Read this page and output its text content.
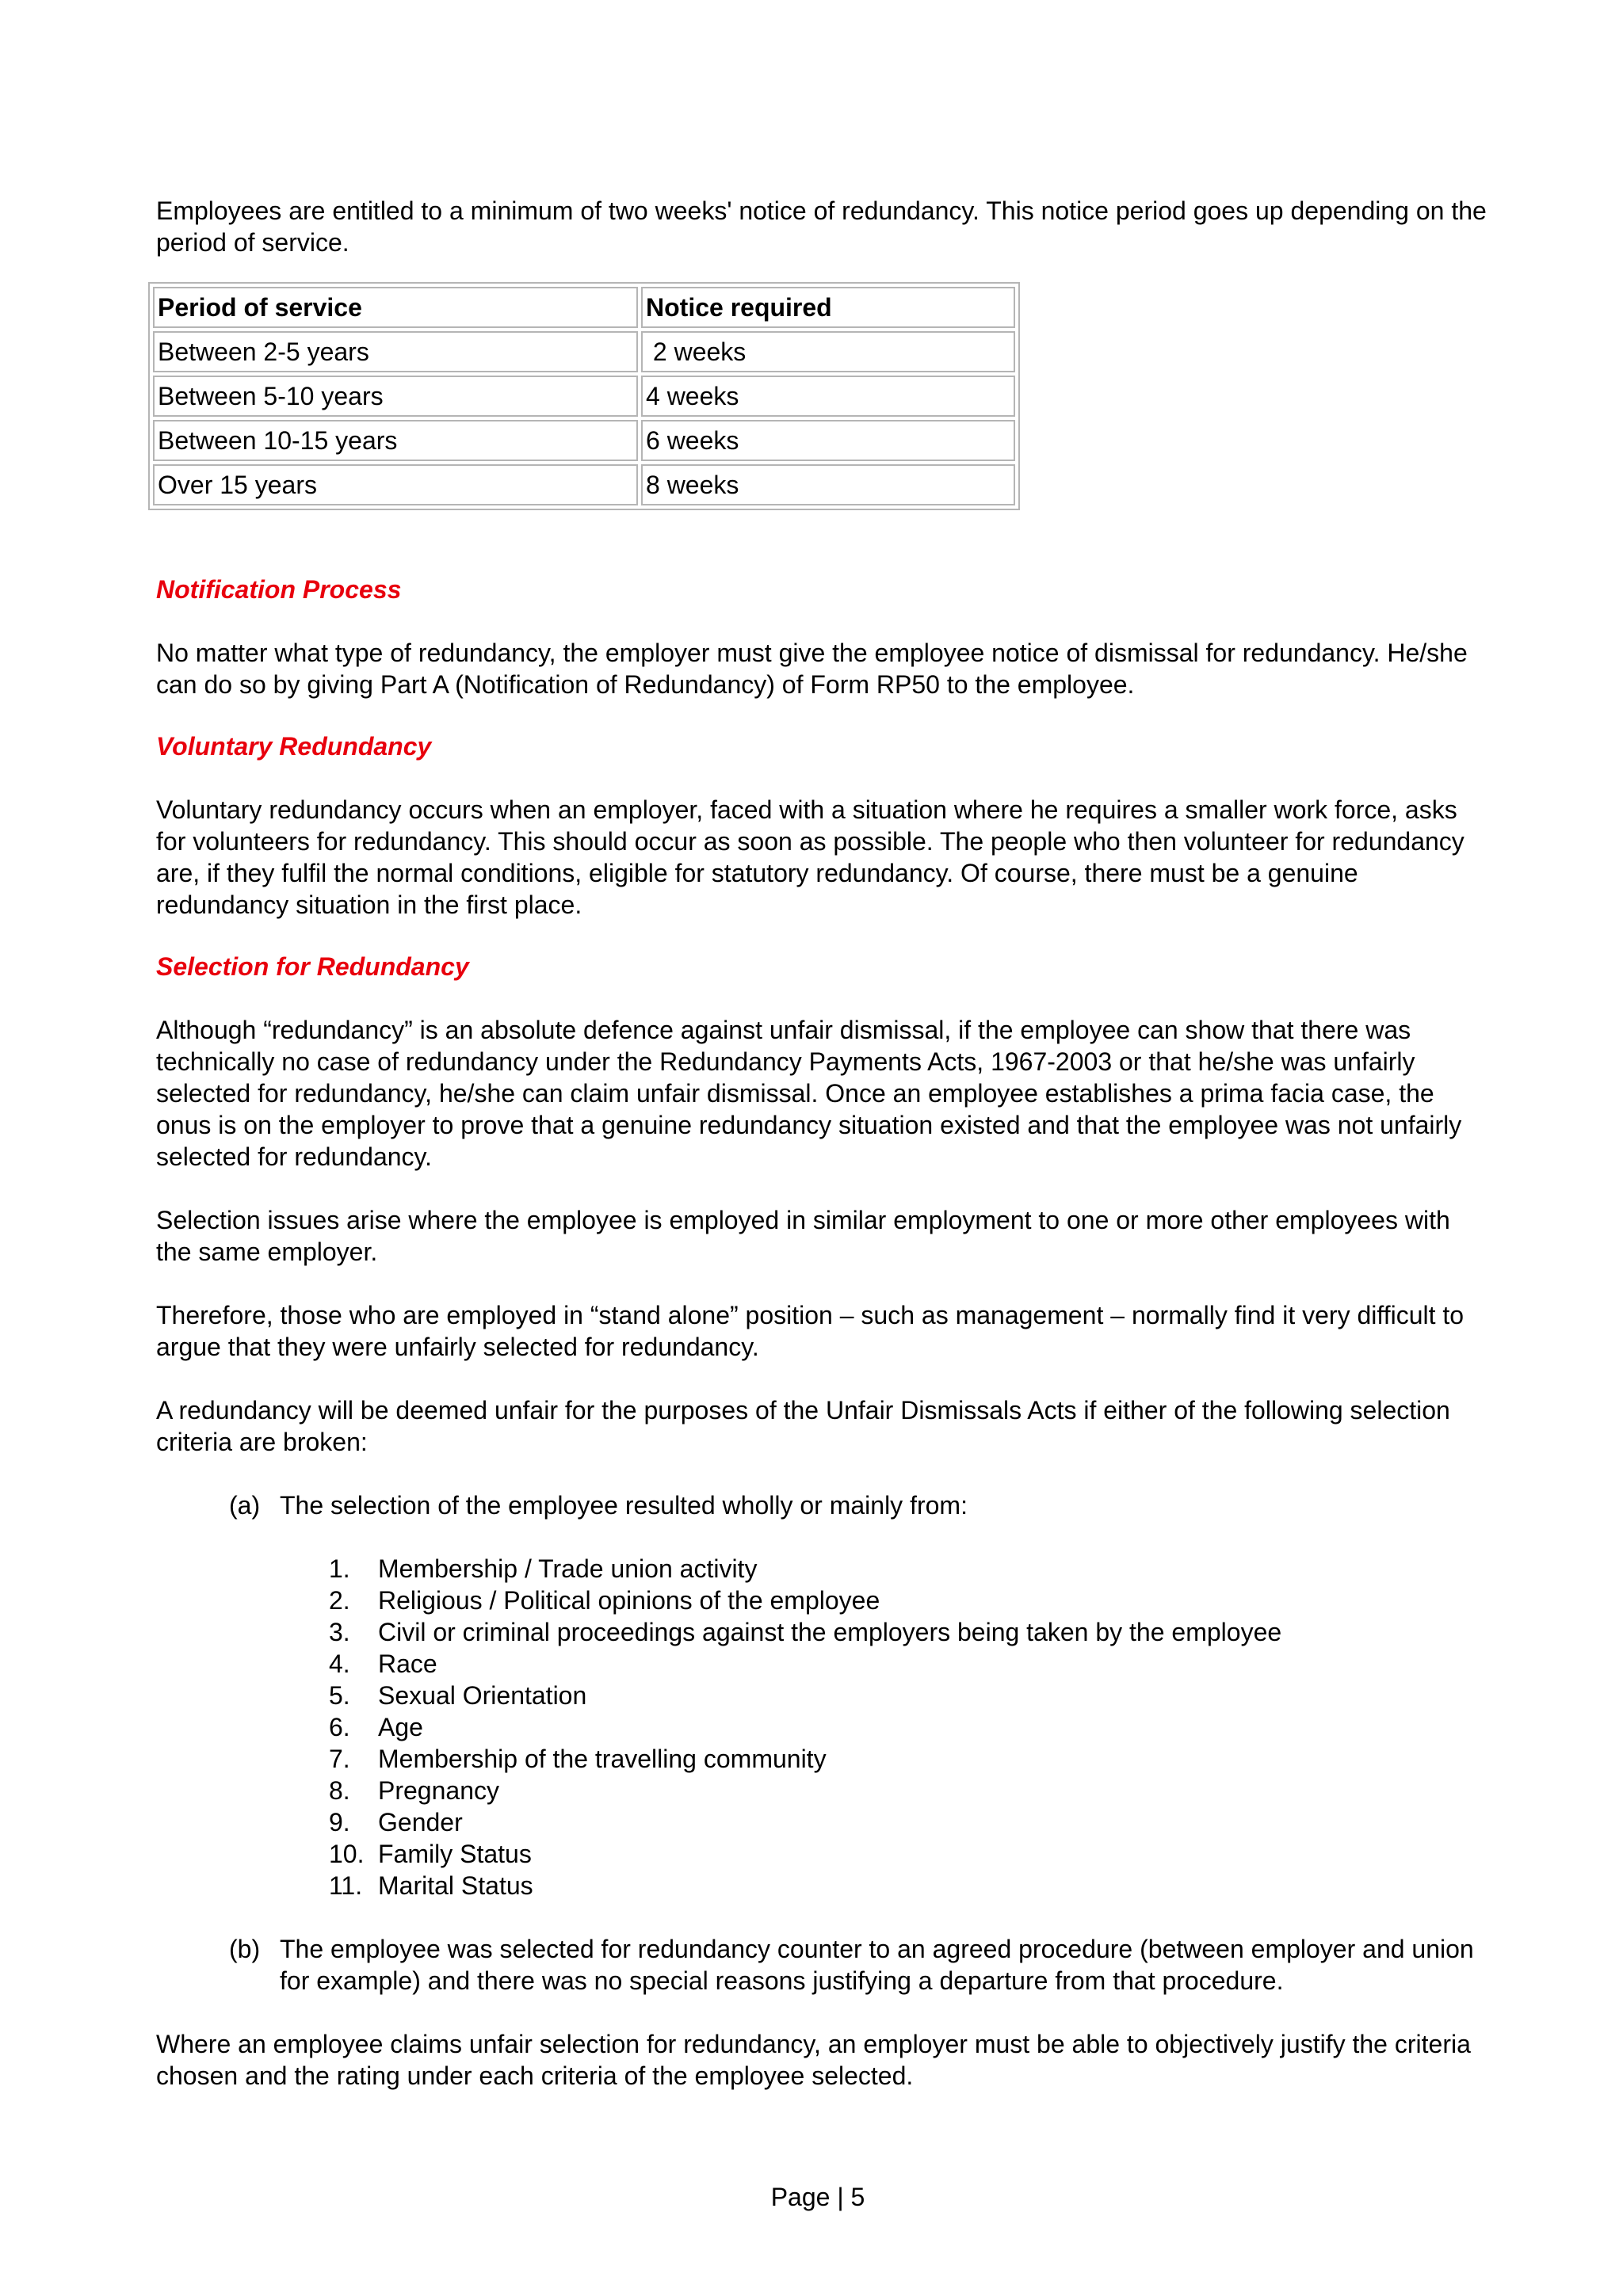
Employees are entitled to a minimum of two weeks' notice of redundancy. This notice period goes up depending on the period of service.

Period of service	Notice required
Between 2-5 years	2 weeks
Between 5-10 years	4 weeks
Between 10-15 years	6 weeks
Over 15 years	8 weeks

Notification Process

No matter what type of redundancy, the employer must give the employee notice of dismissal for redundancy. He/she can do so by giving Part A (Notification of Redundancy) of Form RP50 to the employee.

Voluntary Redundancy

Voluntary redundancy occurs when an employer, faced with a situation where he requires a smaller work force, asks for volunteers for redundancy. This should occur as soon as possible. The people who then volunteer for redundancy are, if they fulfil the normal conditions, eligible for statutory redundancy. Of course, there must be a genuine redundancy situation in the first place.

Selection for Redundancy

Although “redundancy” is an absolute defence against unfair dismissal, if the employee can show that there was technically no case of redundancy under the Redundancy Payments Acts, 1967-2003 or that he/she was unfairly selected for redundancy, he/she can claim unfair dismissal. Once an employee establishes a prima facia case, the onus is on the employer to prove that a genuine redundancy situation existed and that the employee was not unfairly selected for redundancy.

Selection issues arise where the employee is employed in similar employment to one or more other employees with the same employer.

Therefore, those who are employed in “stand alone” position – such as management – normally find it very difficult to argue that they were unfairly selected for redundancy.

A redundancy will be deemed unfair for the purposes of the Unfair Dismissals Acts if either of the following selection criteria are broken:

(a) The selection of the employee resulted wholly or mainly from:

1. Membership / Trade union activity
2. Religious / Political opinions of the employee
3. Civil or criminal proceedings against the employers being taken by the employee
4. Race
5. Sexual Orientation
6. Age
7. Membership of the travelling community
8. Pregnancy
9. Gender
10. Family Status
11. Marital Status
(b) The employee was selected for redundancy counter to an agreed procedure (between employer and union for example) and there was no special reasons justifying a departure from that procedure.

Where an employee claims unfair selection for redundancy, an employer must be able to objectively justify the criteria chosen and the rating under each criteria of the employee selected.

Page | 5
